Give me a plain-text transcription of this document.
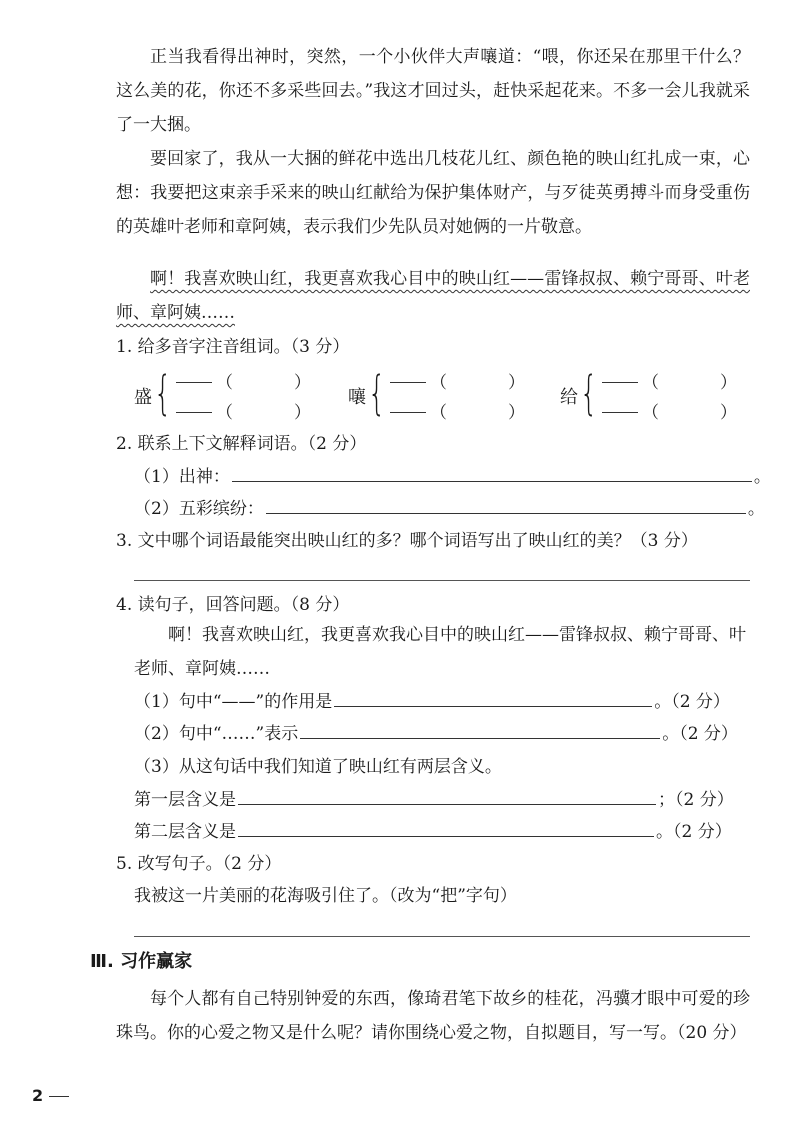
正当我看得出神时，突然，一个小伙伴大声嚷道：“喂，你还呆在那里干什么？这么美的花，你还不多采些回去。”我这才回过头，赶快采起花来。不多一会儿我就采了一大捆。

要回家了，我从一大捆的鲜花中选出几枝花儿红、颜色艳的映山红扎成一束，心想：我要把这束亲手采来的映山红献给为保护集体财产，与歹徒英勇搏斗而身受重伤的英雄叶老师和章阿姨，表示我们少先队员对她俩的一片敬意。

啊！我喜欢映山红，我更喜欢我心目中的映山红——雷锋叔叔、赖宁哥哥、叶老师、章阿姨……

1. 给多音字注音组词。（3 分）
盛 {	（	）
（	）
嚷 {	（	）
（	）
给 {	（	）
（	）
2. 联系上下文解释词语。（2 分）
（1）出神：	。
（2）五彩缤纷：	。
3. 文中哪个词语最能突出映山红的多？哪个词语写出了映山红的美？（3 分）
4. 读句子，回答问题。（8 分）

啊！我喜欢映山红，我更喜欢我心目中的映山红——雷锋叔叔、赖宁哥哥、叶老师、章阿姨……

（1）句中“——”的作用是	。（2 分）
（2）句中“……”表示	。（2 分）
（3）从这句话中我们知道了映山红有两层含义。
第一层含义是	；（2 分）
第二层含义是	。（2 分）
5. 改写句子。（2 分）
我被这一片美丽的花海吸引住了。（改为“把”字句）
Ⅲ. 习作赢家

每个人都有自己特别钟爱的东西，像琦君笔下故乡的桂花，冯骥才眼中可爱的珍珠鸟。你的心爱之物又是什么呢？请你围绕心爱之物，自拟题目，写一写。（20 分）

2
